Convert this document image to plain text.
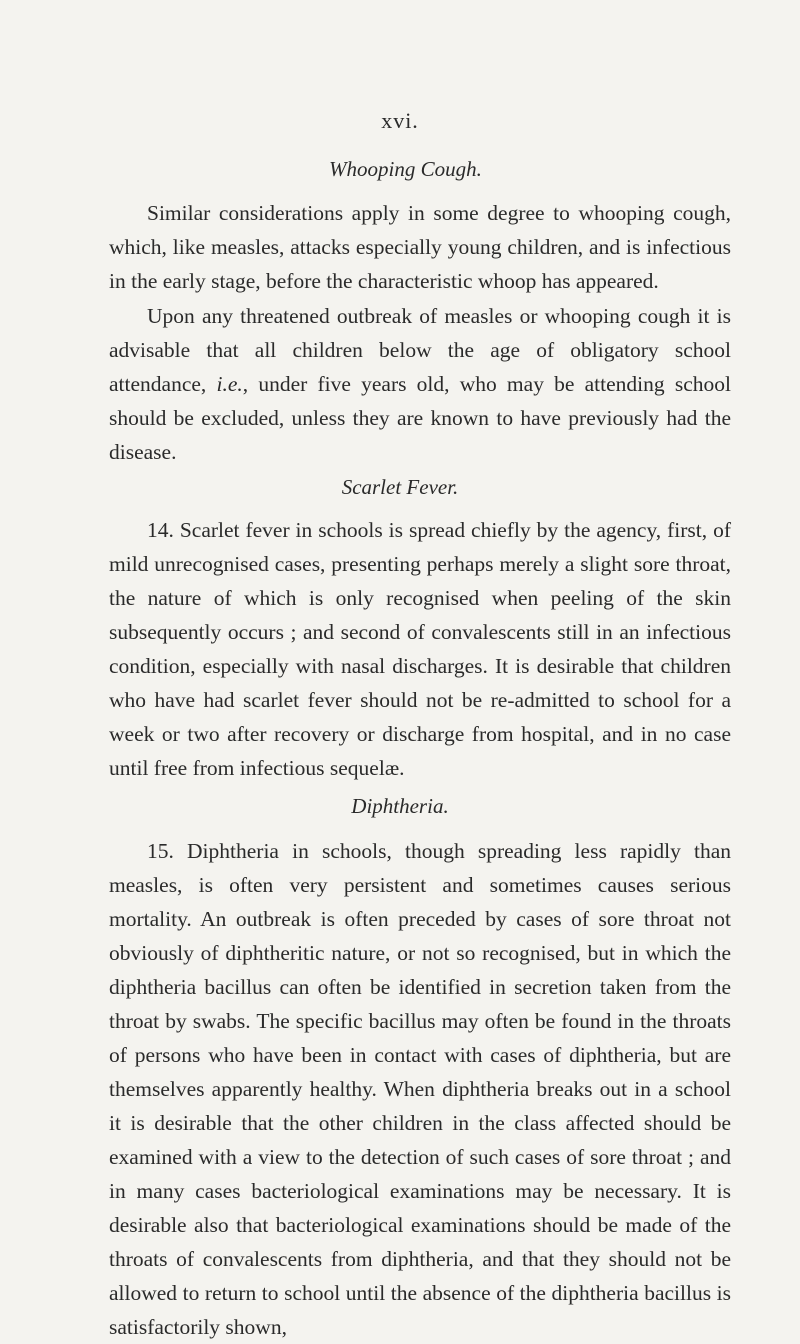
xvi.

Whooping Cough.

Similar considerations apply in some degree to whooping cough, which, like measles, attacks especially young children, and is infectious in the early stage, before the characteristic whoop has appeared.

Upon any threatened outbreak of measles or whooping cough it is advisable that all children below the age of obligatory school attendance, i.e., under five years old, who may be attending school should be excluded, unless they are known to have previously had the disease.

Scarlet Fever.

14. Scarlet fever in schools is spread chiefly by the agency, first, of mild unrecognised cases, presenting perhaps merely a slight sore throat, the nature of which is only recognised when peeling of the skin subsequently occurs ; and second of convalescents still in an infectious condition, especially with nasal discharges. It is desirable that children who have had scarlet fever should not be re-admitted to school for a week or two after recovery or discharge from hospital, and in no case until free from infectious sequelæ.

Diphtheria.

15. Diphtheria in schools, though spreading less rapidly than measles, is often very persistent and sometimes causes serious mortality. An outbreak is often preceded by cases of sore throat not obviously of diphtheritic nature, or not so recognised, but in which the diphtheria bacillus can often be identified in secretion taken from the throat by swabs. The specific bacillus may often be found in the throats of persons who have been in contact with cases of diphtheria, but are themselves apparently healthy. When diphtheria breaks out in a school it is desirable that the other children in the class affected should be examined with a view to the detection of such cases of sore throat ; and in many cases bacteriological examinations may be necessary. It is desirable also that bacteriological examinations should be made of the throats of convalescents from diphtheria, and that they should not be allowed to return to school until the absence of the diphtheria bacillus is satisfactorily shown,
